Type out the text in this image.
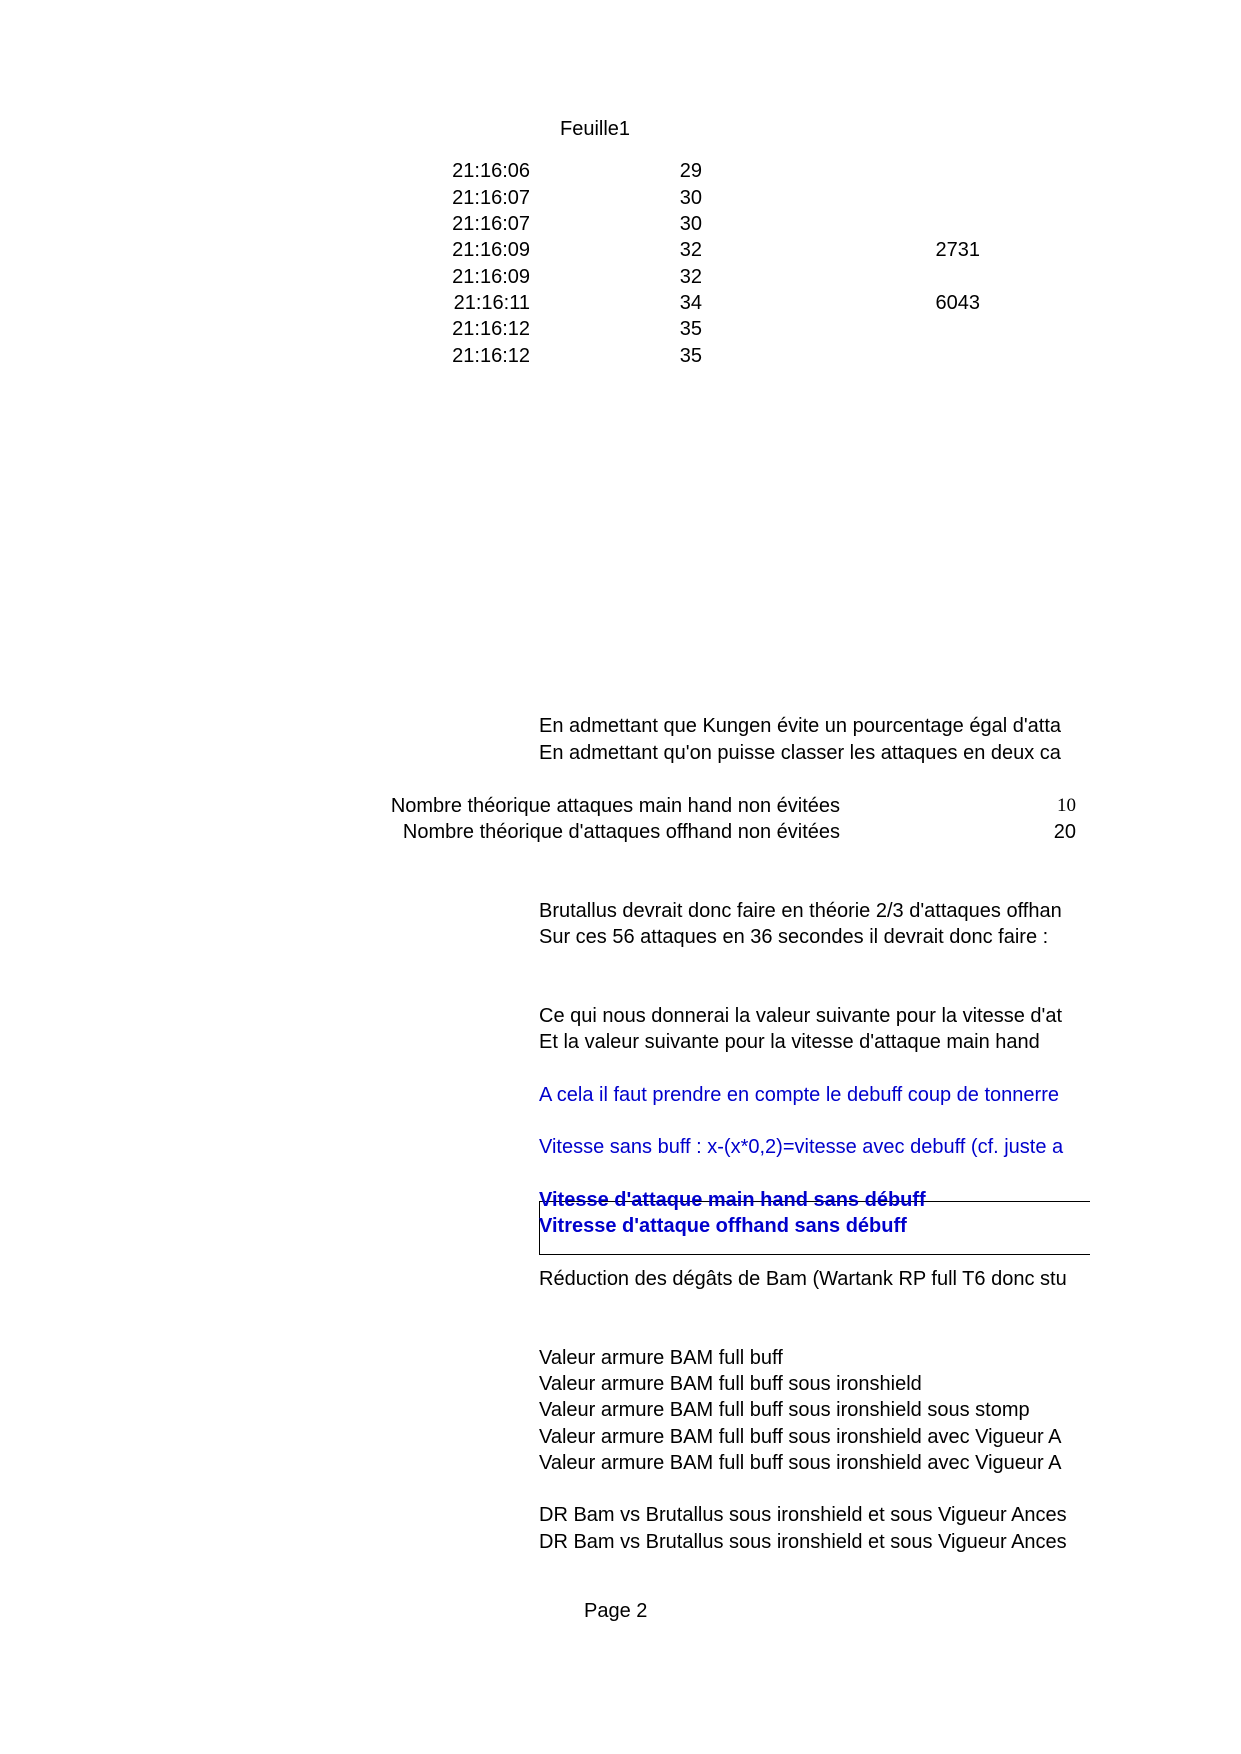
Feuille1
21:16:06	29
21:16:07	30
21:16:07	30
21:16:09	32	2731
21:16:09	32
21:16:11	34	6043
21:16:12	35
21:16:12	35
En admettant que Kungen évite un pourcentage égal d'atta
En admettant qu'on puisse classer les attaques en deux ca
Nombre théorique attaques main hand non évitées	10
Nombre théorique d'attaques offhand non évitées	20
Brutallus devrait donc faire en théorie 2/3 d'attaques offhan
Sur ces 56 attaques en 36 secondes il devrait donc faire :
Ce qui nous donnerai la valeur suivante pour la vitesse d'at
Et la valeur suivante pour la vitesse d'attaque main hand
A cela il faut prendre en compte le debuff coup de tonnerre
Vitesse sans buff : x-(x*0,2)=vitesse avec debuff (cf. juste a
Vitesse d'attaque main hand sans débuff
Vitresse d'attaque offhand sans débuff
Réduction des dégâts de Bam (Wartank RP full T6 donc stu
Valeur armure BAM full buff
Valeur armure BAM full buff sous ironshield
Valeur armure BAM full buff sous ironshield sous stomp
Valeur armure BAM full buff sous ironshield avec Vigueur A
Valeur armure BAM full buff sous ironshield avec Vigueur A
DR Bam vs Brutallus sous ironshield et sous Vigueur Ances
DR Bam vs Brutallus sous ironshield et sous Vigueur Ances
Page 2
